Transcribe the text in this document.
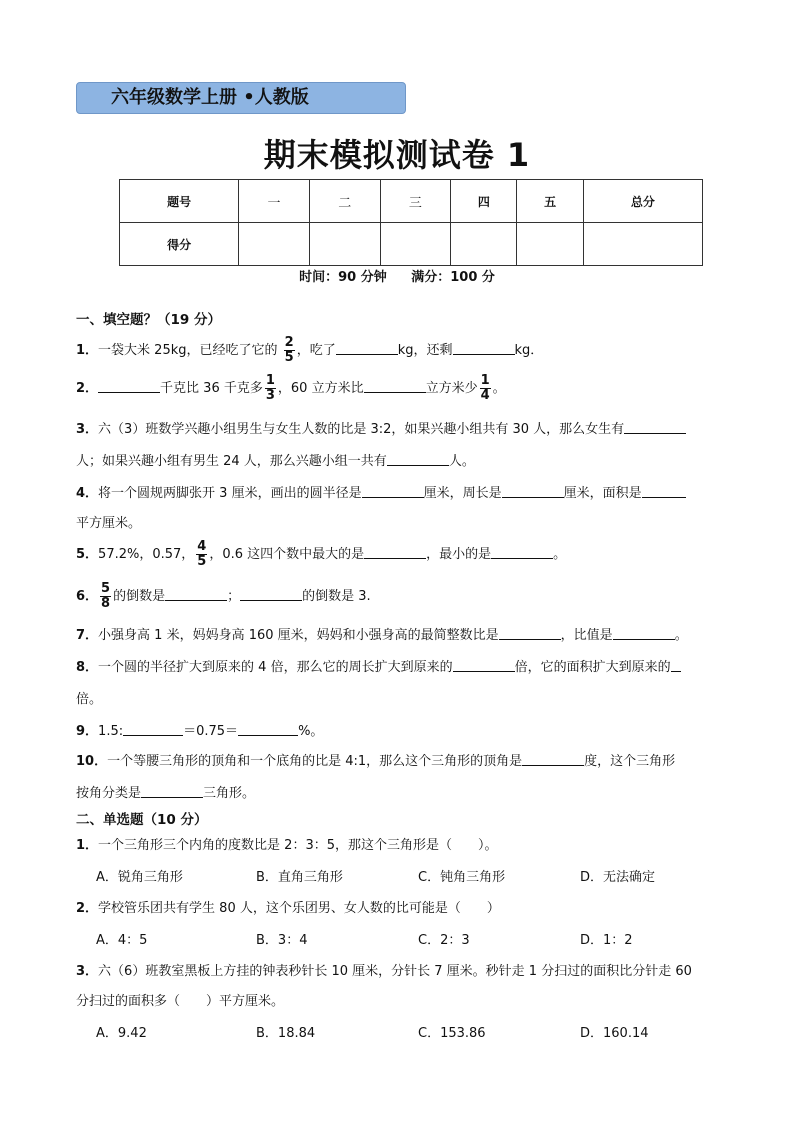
六年级数学上册 •人教版
期末模拟测试卷 1
题号	一	二	三	四	五	总分
得分						
时间：90 分钟 满分：100 分
一、填空题？（19 分）
1．一袋大米 25kg，已经吃了它的 $\frac{2}{5}$ ，吃了	kg，还剩	kg．
2．	千克比 36 千克多 $\frac{1}{3}$ ，60 立方米比	立方米少 $\frac{1}{4}$ 。
3．六（3）班数学兴趣小组男生与女生人数的比是 3:2，如果兴趣小组共有 30 人，那么女生有
人；如果兴趣小组有男生 24 人，那么兴趣小组一共有	人。
4．将一个圆规两脚张开 3 厘米，画出的圆半径是	厘米，周长是	厘米，面积是
平方厘米。
5．57.2%，0.57， $\frac{4}{5}$ ，0.6 这四个数中最大的是	，最小的是	。
6． $\frac{5}{8}$ 的倒数是	；	的倒数是 3.
7．小强身高 1 米，妈妈身高 160 厘米，妈妈和小强身高的最简整数比是	，比值是	。
8．一个圆的半径扩大到原来的 4 倍，那么它的周长扩大到原来的	倍，它的面积扩大到原来的
倍。
9．1.5:	＝0.75＝	%。
10．一个等腰三角形的顶角和一个底角的比是 4:1，那么这个三角形的顶角是	度，这个三角形
按角分类是	三角形。
二、单选题（10 分）
1．一个三角形三个内角的度数比是 2：3：5，那这个三角形是（　　）。
A．锐角三角形	B．直角三角形	C．钝角三角形	D．无法确定
2．学校管乐团共有学生 80 人，这个乐团男、女人数的比可能是（　　）
A．4：5	B．3：4	C．2：3	D．1：2
3．六（6）班教室黑板上方挂的钟表秒针长 10 厘米，分针长 7 厘米。秒针走 1 分扫过的面积比分针走 60
分扫过的面积多（　　）平方厘米。
A．9.42	B．18.84	C．153.86	D．160.14
